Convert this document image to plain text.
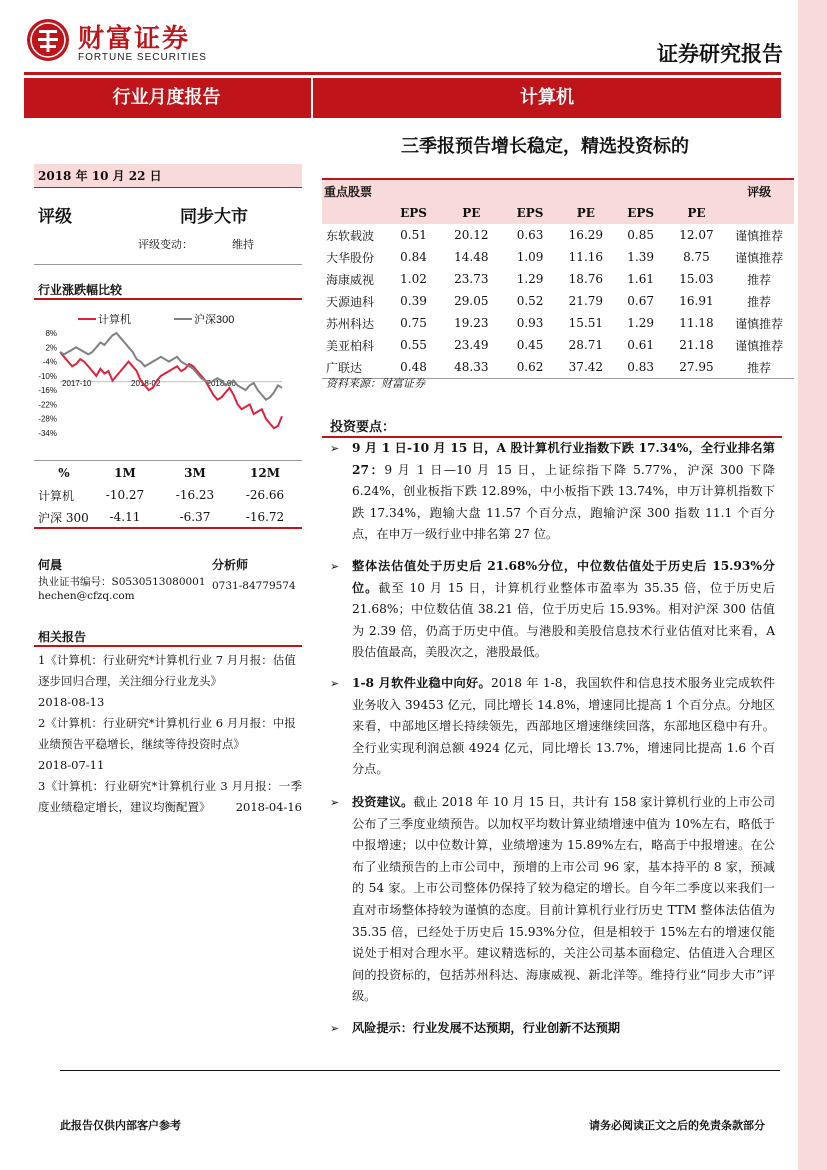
财富证券
FORTUNE SECURITIES	证券研究报告
行业月度报告	计算机
三季报预告增长稳定，精选投资标的
2018 年 10 月 22 日
评级	同步大市
评级变动：	维持
行业涨跌幅比较
计算机	沪深300
8%
2%
-4%
-10%
-16%
-22%
-28%
-34%
2017-10	2018-02	2018-06
%	1M	3M	12M
计算机	-10.27	-16.23	-26.66
沪深 300	-4.11	-6.37	-16.72
何晨	分析师
执业证书编号：S0530513080001 0731-84779574
hechen@cfzq.com
相关报告
1《计算机：行业研究*计算机行业 7 月月报：估值逐步回归合理，关注细分行业龙头》
2018-08-13
2《计算机：行业研究*计算机行业 6 月月报：中报业绩预告平稳增长，继续等待投资时点》
2018-07-11
3《计算机：行业研究*计算机行业 3 月月报：一季度业绩稳定增长，建议均衡配置》 2018-04-16
重点股票							评级
	EPS	PE	EPS	PE	EPS	PE	
东软载波	0.51	20.12	0.63	16.29	0.85	12.07	谨慎推荐
大华股份	0.84	14.48	1.09	11.16	1.39	8.75	谨慎推荐
海康威视	1.02	23.73	1.29	18.76	1.61	15.03	推荐
天源迪科	0.39	29.05	0.52	21.79	0.67	16.91	推荐
苏州科达	0.75	19.23	0.93	15.51	1.29	11.18	谨慎推荐
美亚柏科	0.55	23.49	0.45	28.71	0.61	21.18	谨慎推荐
广联达	0.48	48.33	0.62	37.42	0.83	27.95	推荐
资料来源：财富证券
投资要点：
➢	9 月 1 日-10 月 15 日，A 股计算机行业指数下跌 17.34%，全行业排名第 27：9 月 1 日—10 月 15 日，上证综指下降 5.77%，沪深 300 下降 6.24%，创业板指下跌 12.89%，中小板指下跌 13.74%，申万计算机指数下跌 17.34%，跑输大盘 11.57 个百分点，跑输沪深 300 指数 11.1 个百分点，在申万一级行业中排名第 27 位。
➢	整体法估值处于历史后 21.68%分位，中位数估值处于历史后 15.93%分位。截至 10 月 15 日，计算机行业整体市盈率为 35.35 倍，位于历史后 21.68%；中位数估值 38.21 倍，位于历史后 15.93%。相对沪深 300 估值为 2.39 倍，仍高于历史中值。与港股和美股信息技术行业估值对比来看，A 股估值最高，美股次之，港股最低。
➢	1-8 月软件业稳中向好。2018 年 1-8，我国软件和信息技术服务业完成软件业务收入 39453 亿元，同比增长 14.8%，增速同比提高 1 个百分点。分地区来看，中部地区增长持续领先，西部地区增速继续回落，东部地区稳中有升。全行业实现利润总额 4924 亿元，同比增长 13.7%，增速同比提高 1.6 个百分点。
➢	投资建议。截止 2018 年 10 月 15 日，共计有 158 家计算机行业的上市公司公布了三季度业绩预告。以加权平均数计算业绩增速中值为 10%左右，略低于中报增速；以中位数计算，业绩增速为 15.89%左右，略高于中报增速。在公布了业绩预告的上市公司中，预增的上市公司 96 家，基本持平的 8 家，预减的 54 家。上市公司整体仍保持了较为稳定的增长。自今年二季度以来我们一直对市场整体持较为谨慎的态度。目前计算机行业行历史 TTM 整体法估值为 35.35 倍，已经处于历史后 15.93%分位，但是相较于 15%左右的增速仅能说处于相对合理水平。建议精选标的，关注公司基本面稳定、估值进入合理区间的投资标的，包括苏州科达、海康威视、新北洋等。维持行业“同步大市”评级。
➢	风险提示：行业发展不达预期，行业创新不达预期
此报告仅供内部客户参考	请务必阅读正文之后的免责条款部分
